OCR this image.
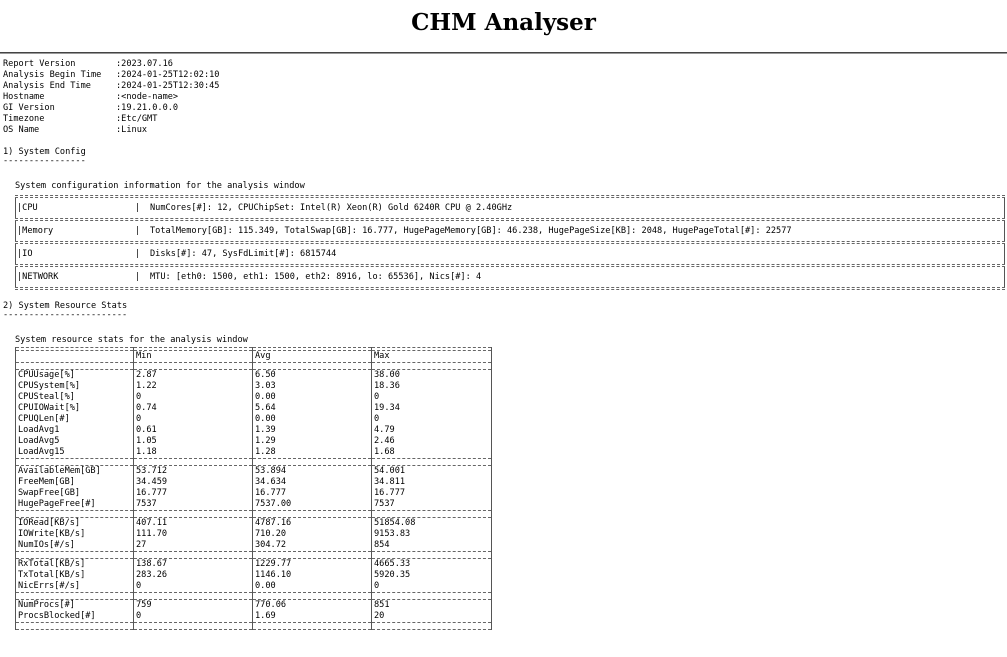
CHM Analyser
Report Version	:2023.07.16
Analysis Begin Time :2024-01-25T12:02:10
Analysis End Time	:2024-01-25T12:30:45
Hostname	:<node-name>
GI Version	:19.21.0.0.0
Timezone	:Etc/GMT
OS Name	:Linux
1) System Config
----------------
System configuration information for the analysis window
|CPU	| NumCores[#]: 12, CPUChipSet: Intel(R) Xeon(R) Gold 6240R CPU @ 2.40GHz
|Memory	| TotalMemory[GB]: 115.349, TotalSwap[GB]: 16.777, HugePageMemory[GB]: 46.238, HugePageSize[KB]: 2048, HugePageTotal[#]: 22577
|IO	| Disks[#]: 47, SysFdLimit[#]: 6815744
|NETWORK	| MTU: [eth0: 1500, eth1: 1500, eth2: 8916, lo: 65536], Nics[#]: 4
2) System Resource Stats
------------------------
System resource stats for the analysis window

	Min	Avg	Max

CPUUsage[%]	2.87	6.50	38.00
CPUSystem[%]	1.22	3.03	18.36
CPUSteal[%]	0	0.00	0
CPUIOWait[%]	0.74	5.64	19.34
CPUQLen[#]	0	0.00	0
LoadAvg1	0.61	1.39	4.79
LoadAvg5	1.05	1.29	2.46
LoadAvg15	1.18	1.28	1.68

AvailableMem[GB]	53.712	53.894	54.001
FreeMem[GB]	34.459	34.634	34.811
SwapFree[GB]	16.777	16.777	16.777
HugePageFree[#]	7537	7537.00	7537

IORead[KB/s]	407.11	4787.16	51854.08
IOWrite[KB/s]	111.70	710.20	9153.83
NumIOs[#/s]	27	304.72	854

RxTotal[KB/s]	138.67	1229.77	4665.33
TxTotal[KB/s]	283.26	1146.10	5920.35
NicErrs[#/s]	0	0.00	0

NumProcs[#]	759	770.06	851
ProcsBlocked[#]	0	1.69	20
